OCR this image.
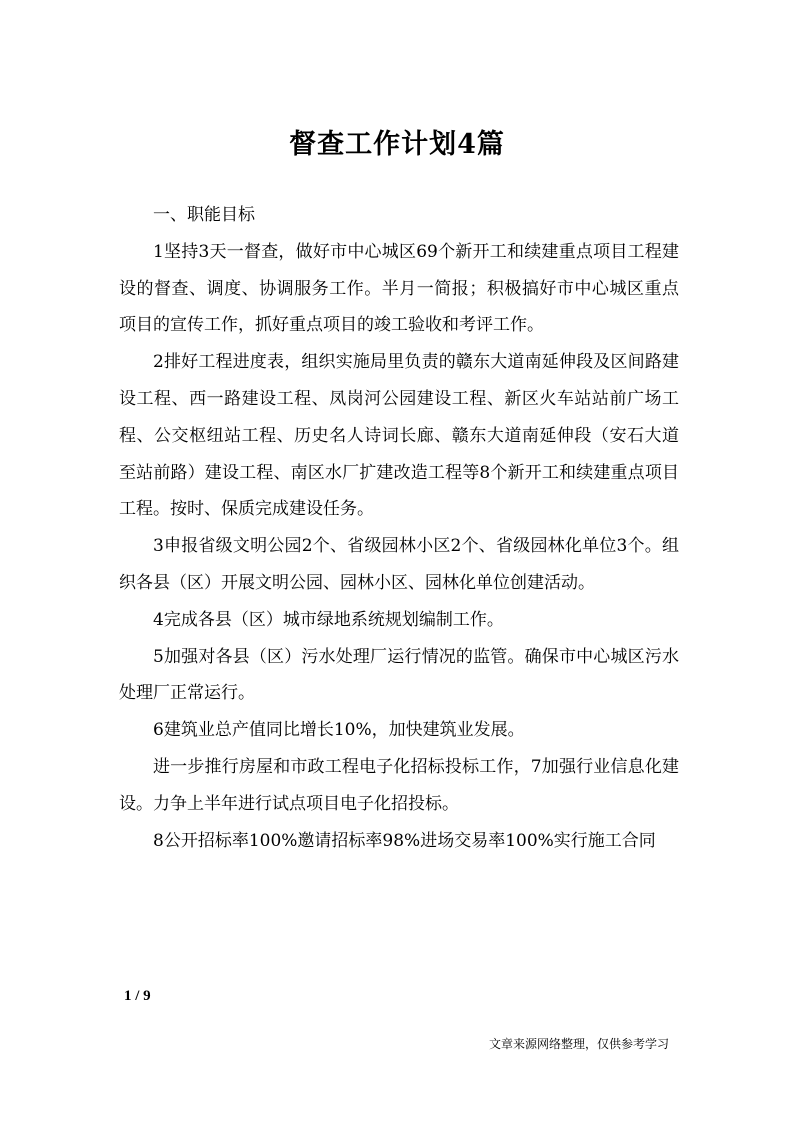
督查工作计划4篇

一、职能目标

1坚持3天一督查，做好市中心城区69个新开工和续建重点项目工程建设的督查、调度、协调服务工作。半月一简报；积极搞好市中心城区重点项目的宣传工作，抓好重点项目的竣工验收和考评工作。

2排好工程进度表，组织实施局里负责的赣东大道南延伸段及区间路建设工程、西一路建设工程、凤岗河公园建设工程、新区火车站站前广场工程、公交枢纽站工程、历史名人诗词长廊、赣东大道南延伸段（安石大道至站前路）建设工程、南区水厂扩建改造工程等8个新开工和续建重点项目工程。按时、保质完成建设任务。

3申报省级文明公园2个、省级园林小区2个、省级园林化单位3个。组织各县（区）开展文明公园、园林小区、园林化单位创建活动。

4完成各县（区）城市绿地系统规划编制工作。

5加强对各县（区）污水处理厂运行情况的监管。确保市中心城区污水处理厂正常运行。

6建筑业总产值同比增长10%，加快建筑业发展。

进一步推行房屋和市政工程电子化招标投标工作，7加强行业信息化建设。力争上半年进行试点项目电子化招投标。

8公开招标率100%邀请招标率98%进场交易率100%实行施工合同

1 / 9
文章来源网络整理，仅供参考学习
